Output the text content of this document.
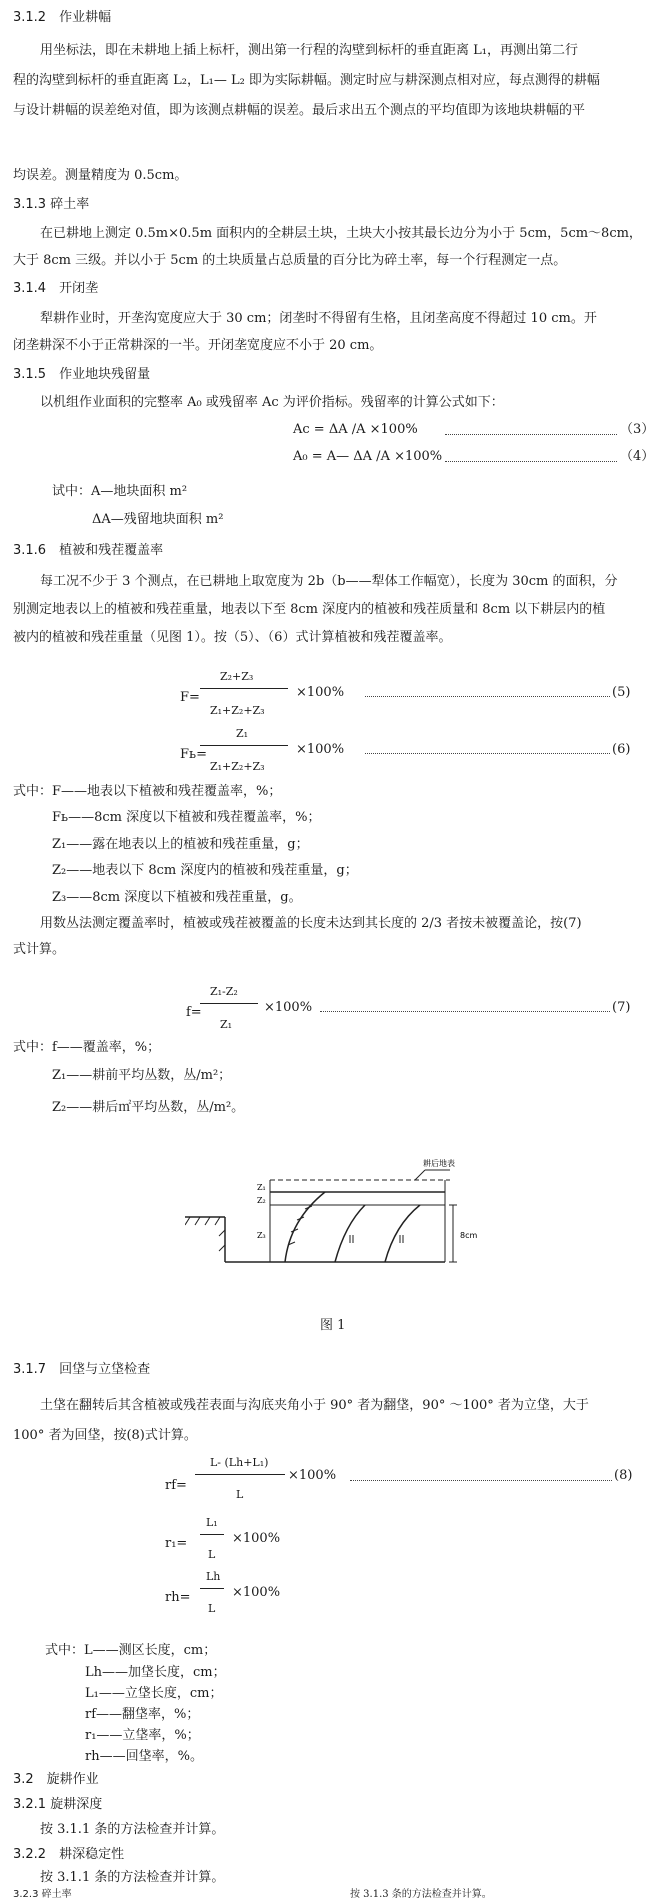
3.1.2　作业耕幅
用坐标法，即在未耕地上插上标杆，测出第一行程的沟壁到标杆的垂直距离 L₁，再测出第二行
程的沟壁到标杆的垂直距离 L₂，L₁— L₂ 即为实际耕幅。测定时应与耕深测点相对应，每点测得的耕幅
与设计耕幅的误差绝对值，即为该测点耕幅的误差。最后求出五个测点的平均值即为该地块耕幅的平
均误差。测量精度为 0.5cm。
3.1.3 碎土率
在已耕地上测定 0.5m×0.5m 面积内的全耕层土块，土块大小按其最长边分为小于 5cm，5cm～8cm，
大于 8cm 三级。并以小于 5cm 的土块质量占总质量的百分比为碎土率，每一个行程测定一点。
3.1.4　开闭垄
犁耕作业时，开垄沟宽度应大于 30 cm；闭垄时不得留有生格，且闭垄高度不得超过 10 cm。开
闭垄耕深不小于正常耕深的一半。开闭垄宽度应不小于 20 cm。
3.1.5　作业地块残留量
以机组作业面积的完整率 A₀ 或残留率 Ac 为评价指标。残留率的计算公式如下：
Ac = ΔA /A ×100%	（3）
A₀ = A— ΔA /A ×100%	（4）
试中：A—地块面积 m²
ΔA—残留地块面积 m²
3.1.6　植被和残茬覆盖率
每工况不少于 3 个测点，在已耕地上取宽度为 2b（b——犁体工作幅宽），长度为 30cm 的面积，分
别测定地表以上的植被和残茬重量，地表以下至 8cm 深度内的植被和残茬质量和 8cm 以下耕层内的植
被内的植被和残茬重量（见图 1）。按（5）、（6）式计算植被和残茬覆盖率。
F=
Z₂+Z₃
Z₁+Z₂+Z₃
×100%	(5)
Fь=
Z₁
Z₁+Z₂+Z₃
×100%	(6)
式中：F——地表以下植被和残茬覆盖率，%；
Fь——8cm 深度以下植被和残茬覆盖率，%；
Z₁——露在地表以上的植被和残茬重量，g；
Z₂——地表以下 8cm 深度内的植被和残茬重量，g；
Z₃——8cm 深度以下植被和残茬重量，g。
用数丛法测定覆盖率时，植被或残茬被覆盖的长度未达到其长度的 2/3 者按未被覆盖论，按(7)
式计算。
f=
Z₁-Z₂
Z₁
×100%	(7)
式中：f——覆盖率，%；
Z₁——耕前平均丛数，丛/m²；
Z₂——耕后㎡平均丛数，丛/m²。
耕后地表
Z₁
Z₂
Z₃	8cm
图 1
3.1.7　回垡与立垡检查
土垡在翻转后其含植被或残茬表面与沟底夹角小于 90° 者为翻垡，90° ～100° 者为立垡，大于
100° 者为回垡，按(8)式计算。
rf=
L- (Lh+L₁)
L
×100%	(8)
r₁=
L₁
L
×100%
rh=
Lh
L
×100%
式中：L——测区长度，cm；
Lh——加垡长度，cm；
L₁——立垡长度，cm；
rf——翻垡率，%；
r₁——立垡率，%；
rh——回垡率，%。
3.2　旋耕作业
3.2.1 旋耕深度
按 3.1.1 条的方法检查并计算。
3.2.2　耕深稳定性
按 3.1.1 条的方法检查并计算。
3.2.3 碎土率	按 3.1.3 条的方法检查并计算。
